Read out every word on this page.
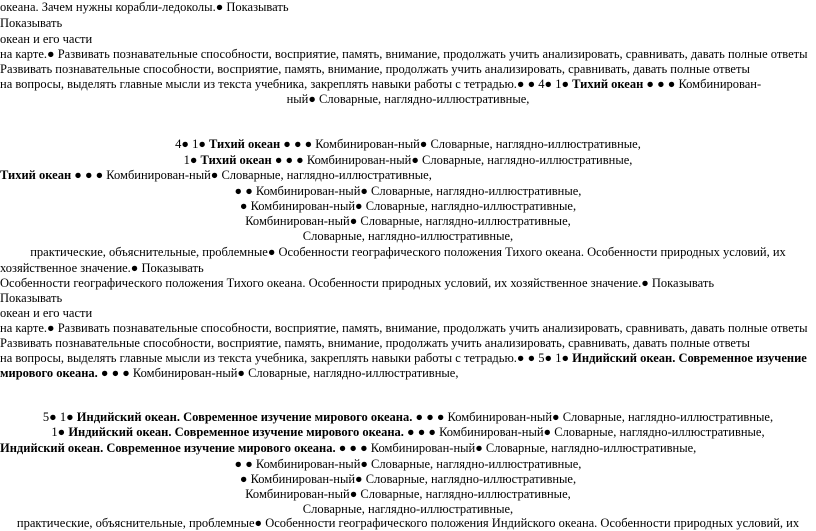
океана. Зачем нужны корабли-ледоколы.● Показывать
Показывать
океан и его части
на карте.● Развивать познавательные способности, восприятие, память, внимание, продолжать учить анализировать, сравнивать, давать полные ответы
Развивать познавательные способности, восприятие, память, внимание, продолжать учить анализировать, сравнивать, давать полные ответы
на вопросы, выделять главные мысли из текста учебника, закреплять навыки работы с тетрадью.● ● 4● 1● Тихий океан ● ● ● Комбинирован-
ный● Словарные, наглядно-иллюстративные,
4● 1● Тихий океан ● ● ● Комбинирован-ный● Словарные, наглядно-иллюстративные,
1● Тихий океан ● ● ● Комбинирован-ный● Словарные, наглядно-иллюстративные,
Тихий океан ● ● ● Комбинирован-ный● Словарные, наглядно-иллюстративные,
● ● Комбинирован-ный● Словарные, наглядно-иллюстративные,
● Комбинирован-ный● Словарные, наглядно-иллюстративные,
Комбинирован-ный● Словарные, наглядно-иллюстративные,
Словарные, наглядно-иллюстративные,
практические, объяснительные, проблемные● Особенности географического положения Тихого океана. Особенности природных условий, их
хозяйственное значение.● Показывать
Особенности географического положения Тихого океана. Особенности природных условий, их хозяйственное значение.● Показывать
Показывать
океан и его части
на карте.● Развивать познавательные способности, восприятие, память, внимание, продолжать учить анализировать, сравнивать, давать полные ответы
Развивать познавательные способности, восприятие, память, внимание, продолжать учить анализировать, сравнивать, давать полные ответы
на вопросы, выделять главные мысли из текста учебника, закреплять навыки работы с тетрадью.● ● 5● 1● Индийский океан. Современное изучение
мирового океана. ● ● ● Комбинирован-ный● Словарные, наглядно-иллюстративные,
5● 1● Индийский океан. Современное изучение мирового океана. ● ● ● Комбинирован-ный● Словарные, наглядно-иллюстративные,
1● Индийский океан. Современное изучение мирового океана. ● ● ● Комбинирован-ный● Словарные, наглядно-иллюстративные,
Индийский океан. Современное изучение мирового океана. ● ● ● Комбинирован-ный● Словарные, наглядно-иллюстративные,
● ● Комбинирован-ный● Словарные, наглядно-иллюстративные,
● Комбинирован-ный● Словарные, наглядно-иллюстративные,
Комбинирован-ный● Словарные, наглядно-иллюстративные,
Словарные, наглядно-иллюстративные,
практические, объяснительные, проблемные● Особенности географического положения Индийского океана. Особенности природных условий, их
